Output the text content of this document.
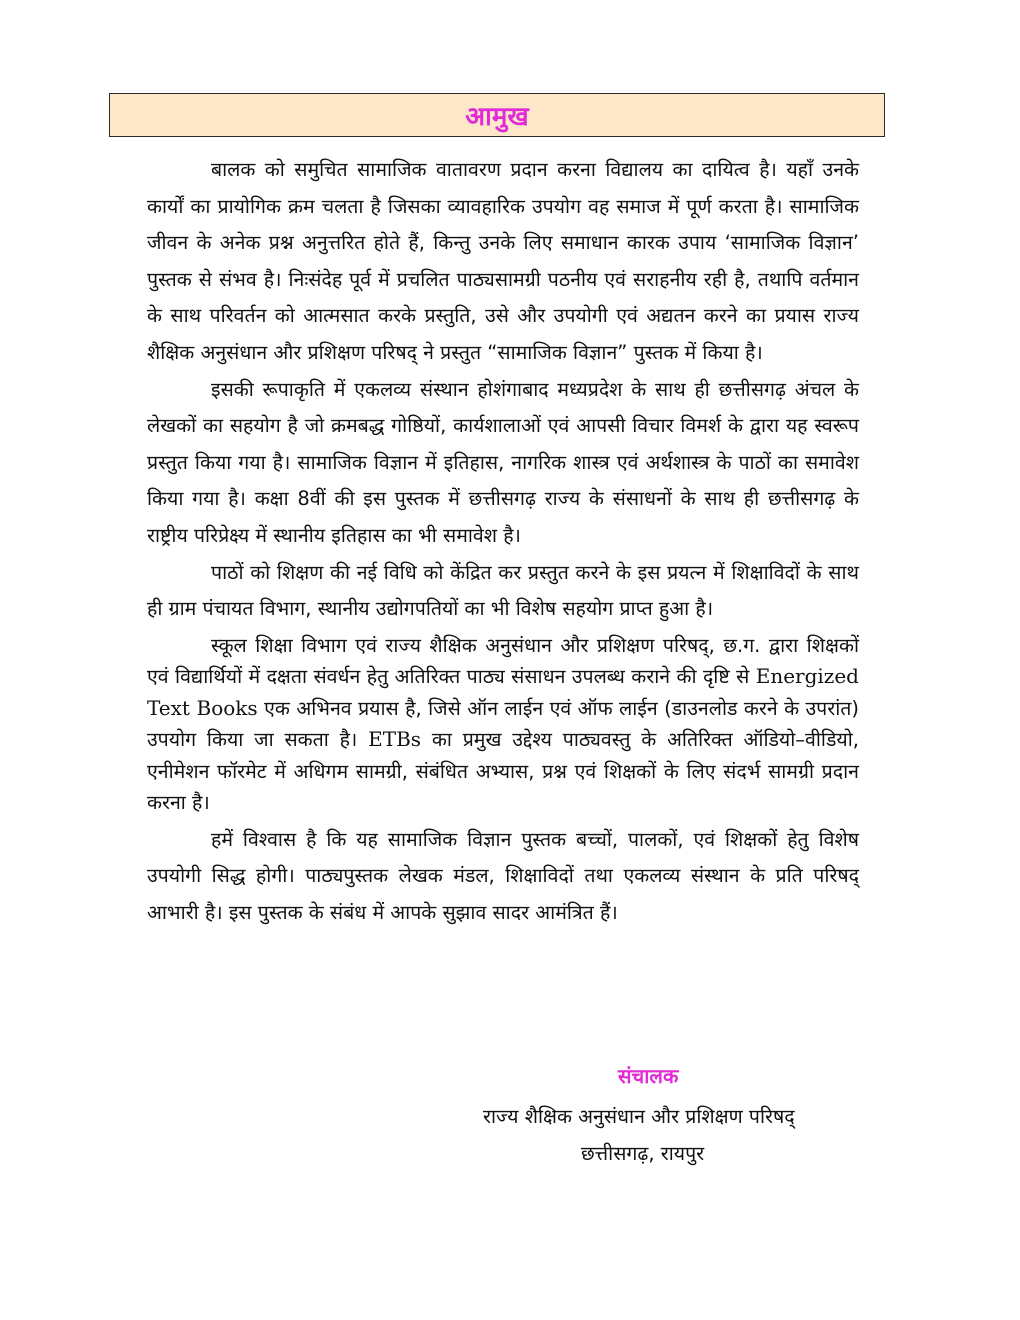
आमुख

बालक को समुचित सामाजिक वातावरण प्रदान करना विद्यालय का दायित्व है। यहाँ उनके कार्यों का प्रायोगिक क्रम चलता है जिसका व्यावहारिक उपयोग वह समाज में पूर्ण करता है। सामाजिक जीवन के अनेक प्रश्न अनुत्तरित होते हैं, किन्तु उनके लिए समाधान कारक उपाय ‘सामाजिक विज्ञान’ पुस्तक से संभव है। निःसंदेह पूर्व में प्रचलित पाठ्यसामग्री पठनीय एवं सराहनीय रही है, तथापि वर्तमान के साथ परिवर्तन को आत्मसात करके प्रस्तुति, उसे और उपयोगी एवं अद्यतन करने का प्रयास राज्य शैक्षिक अनुसंधान और प्रशिक्षण परिषद् ने प्रस्तुत “सामाजिक विज्ञान” पुस्तक में किया है।

इसकी रूपाकृति में एकलव्य संस्थान होशंगाबाद मध्यप्रदेश के साथ ही छत्तीसगढ़ अंचल के लेखकों का सहयोग है जो क्रमबद्ध गोष्ठियों, कार्यशालाओं एवं आपसी विचार विमर्श के द्वारा यह स्वरूप प्रस्तुत किया गया है। सामाजिक विज्ञान में इतिहास, नागरिक शास्त्र एवं अर्थशास्त्र के पाठों का समावेश किया गया है। कक्षा 8वीं की इस पुस्तक में छत्तीसगढ़ राज्य के संसाधनों के साथ ही छत्तीसगढ़ के राष्ट्रीय परिप्रेक्ष्य में स्थानीय इतिहास का भी समावेश है।

पाठों को शिक्षण की नई विधि को केंद्रित कर प्रस्तुत करने के इस प्रयत्न में शिक्षाविदों के साथ ही ग्राम पंचायत विभाग, स्थानीय उद्योगपतियों का भी विशेष सहयोग प्राप्त हुआ है।

स्कूल शिक्षा विभाग एवं राज्य शैक्षिक अनुसंधान और प्रशिक्षण परिषद्, छ.ग. द्वारा शिक्षकों एवं विद्यार्थियों में दक्षता संवर्धन हेतु अतिरिक्त पाठ्य संसाधन उपलब्ध कराने की दृष्टि से Energized Text Books एक अभिनव प्रयास है, जिसे ऑन लाईन एवं ऑफ लाईन (डाउनलोड करने के उपरांत) उपयोग किया जा सकता है। ETBs का प्रमुख उद्देश्य पाठ्यवस्तु के अतिरिक्त ऑडियो–वीडियो, एनीमेशन फॉरमेट में अधिगम सामग्री, संबंधित अभ्यास, प्रश्न एवं शिक्षकों के लिए संदर्भ सामग्री प्रदान करना है।

हमें विश्वास है कि यह सामाजिक विज्ञान पुस्तक बच्चों, पालकों, एवं शिक्षकों हेतु विशेष उपयोगी सिद्ध होगी। पाठ्यपुस्तक लेखक मंडल, शिक्षाविदों तथा एकलव्य संस्थान के प्रति परिषद् आभारी है। इस पुस्तक के संबंध में आपके सुझाव सादर आमंत्रित हैं।

संचालक
राज्य शैक्षिक अनुसंधान और प्रशिक्षण परिषद्
छत्तीसगढ़, रायपुर
